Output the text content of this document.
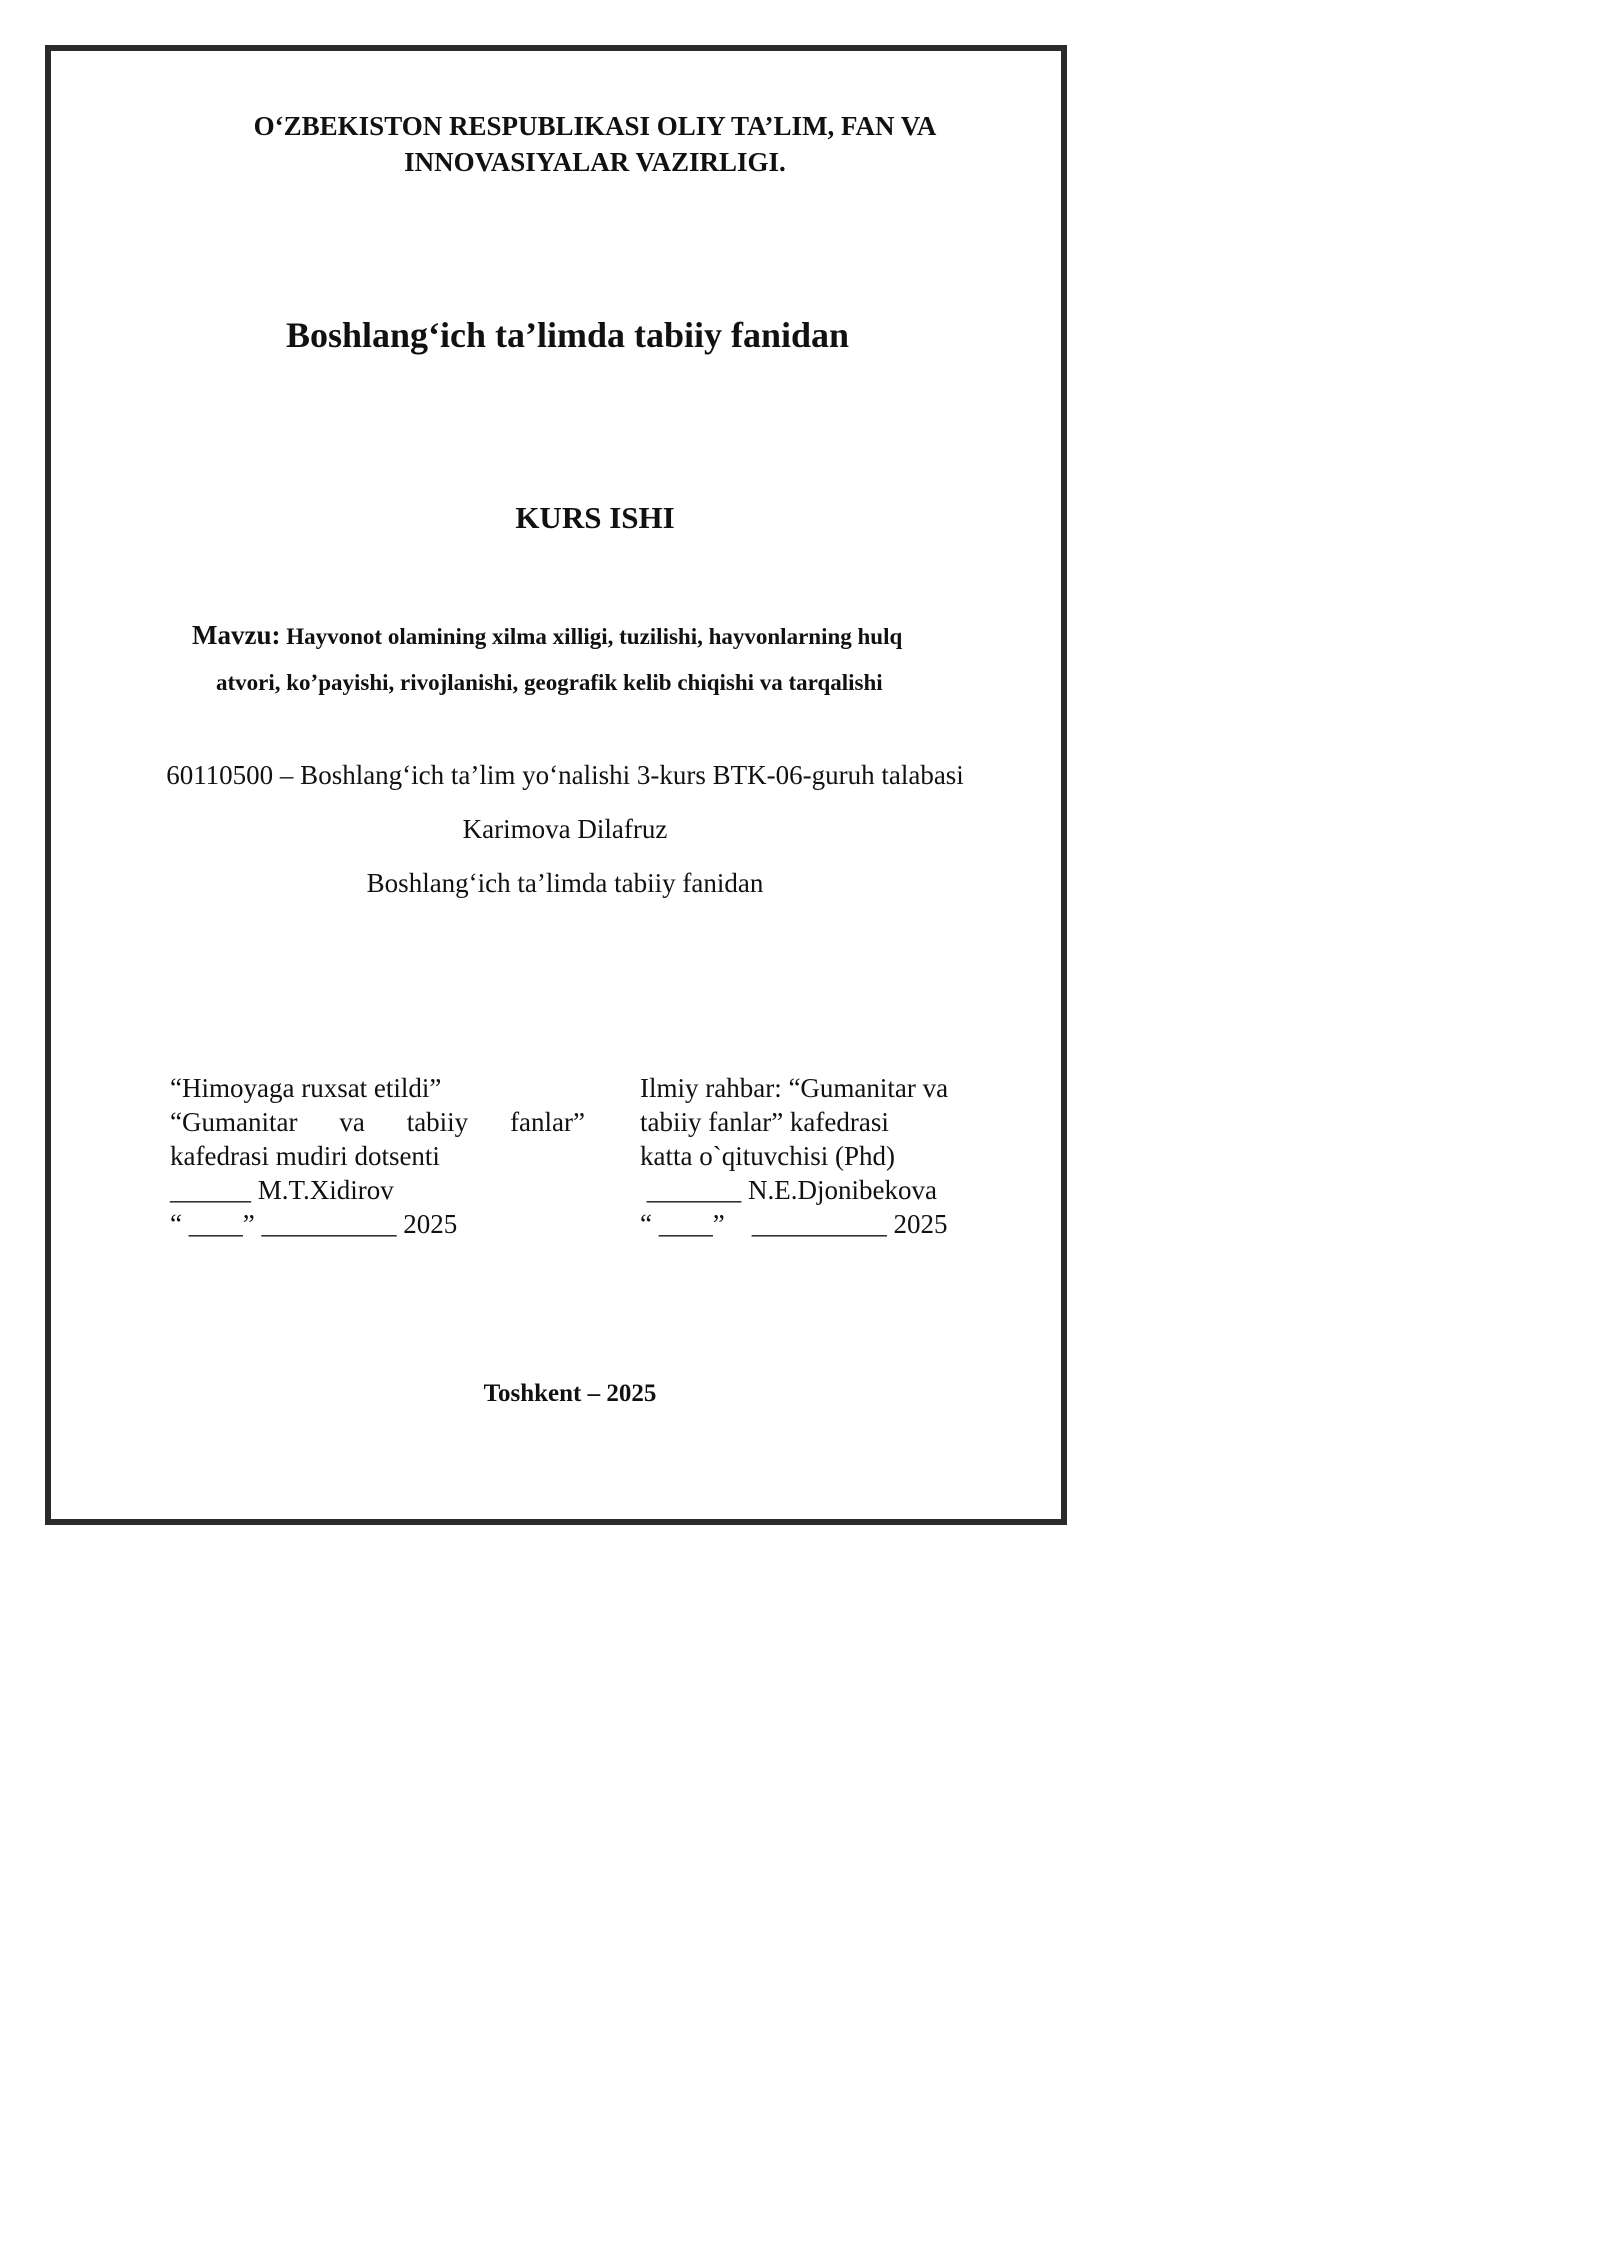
O‘ZBEKISTON RESPUBLIKASI OLIY TA’LIM, FAN VA
INNOVASIYALAR VAZIRLIGI.
Boshlang‘ich ta’limda tabiiy fanidan
KURS ISHI
Mavzu: Hayvonot olamining xilma xilligi, tuzilishi, hayvonlarning hulq
atvori, ko’payishi, rivojlanishi, geografik kelib chiqishi va tarqalishi
60110500 – Boshlang‘ich ta’lim yo‘nalishi 3-kurs BTK-06-guruh talabasi
Karimova Dilafruz
Boshlang‘ich ta’limda tabiiy fanidan
“Himoyaga ruxsat etildi”
“Gumanitar va tabiiy fanlar”
kafedrasi mudiri dotsenti
______ M.T.Xidirov
“ ____” __________ 2025
Ilmiy rahbar: “Gumanitar va
tabiiy fanlar” kafedrasi
katta o`qituvchisi (Phd)
_______ N.E.Djonibekova
“ ____”    __________ 2025
Toshkent – 2025
